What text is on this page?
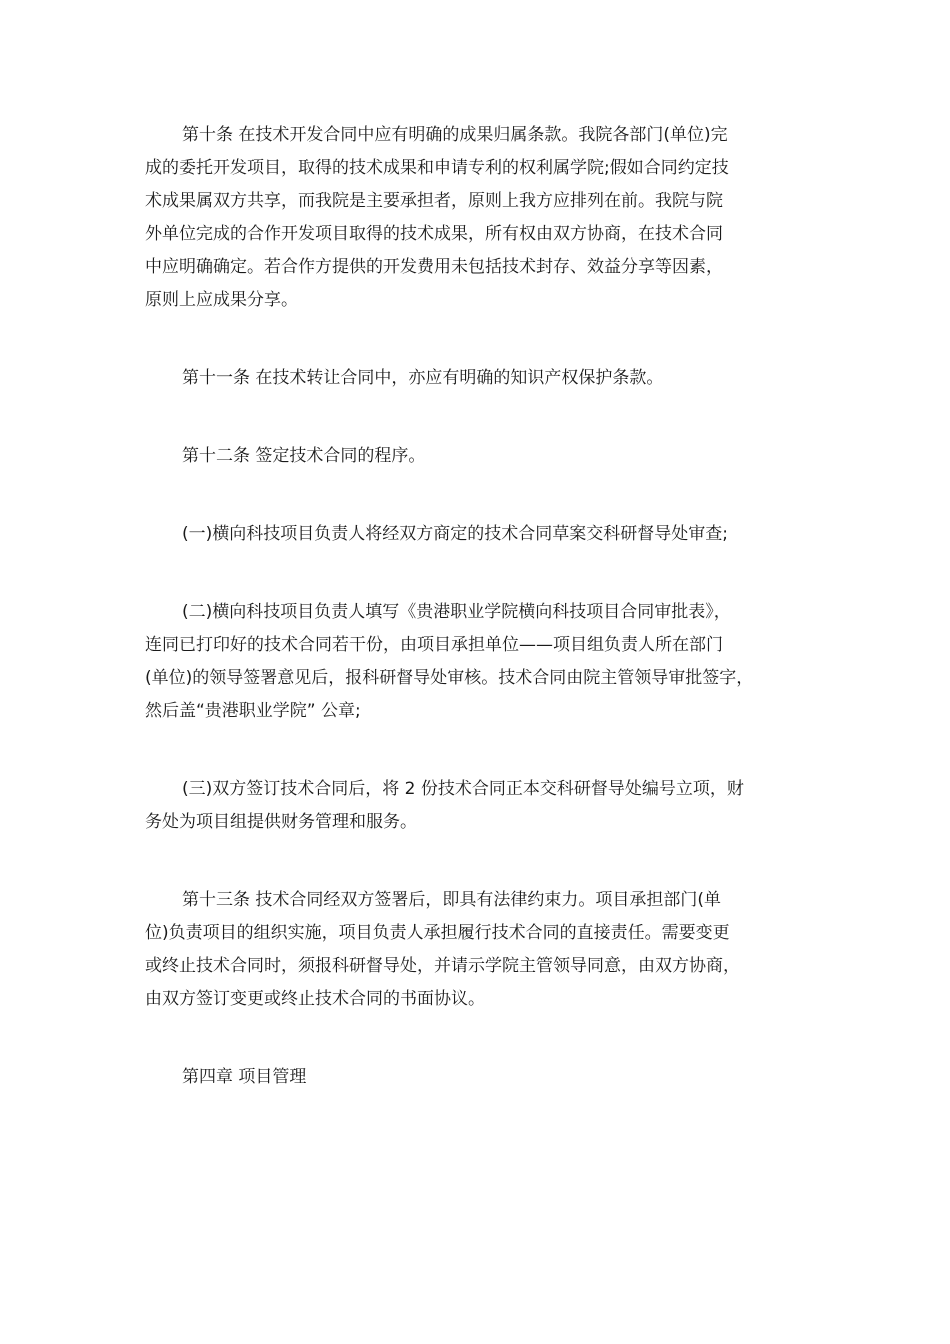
第十条 在技术开发合同中应有明确的成果归属条款。我院各部门(单位)完
成的委托开发项目，取得的技术成果和申请专利的权利属学院;假如合同约定技
术成果属双方共享，而我院是主要承担者，原则上我方应排列在前。我院与院
外单位完成的合作开发项目取得的技术成果，所有权由双方协商，在技术合同
中应明确确定。若合作方提供的开发费用未包括技术封存、效益分享等因素，
原则上应成果分享。

第十一条 在技术转让合同中，亦应有明确的知识产权保护条款。

第十二条 签定技术合同的程序。

(一)横向科技项目负责人将经双方商定的技术合同草案交科研督导处审查;

(二)横向科技项目负责人填写《贵港职业学院横向科技项目合同审批表》，
连同已打印好的技术合同若干份，由项目承担单位——项目组负责人所在部门
(单位)的领导签署意见后，报科研督导处审核。技术合同由院主管领导审批签字，
然后盖“贵港职业学院” 公章;

(三)双方签订技术合同后，将 2 份技术合同正本交科研督导处编号立项，财
务处为项目组提供财务管理和服务。

第十三条 技术合同经双方签署后，即具有法律约束力。项目承担部门(单
位)负责项目的组织实施，项目负责人承担履行技术合同的直接责任。需要变更
或终止技术合同时，须报科研督导处，并请示学院主管领导同意，由双方协商，
由双方签订变更或终止技术合同的书面协议。

第四章 项目管理
